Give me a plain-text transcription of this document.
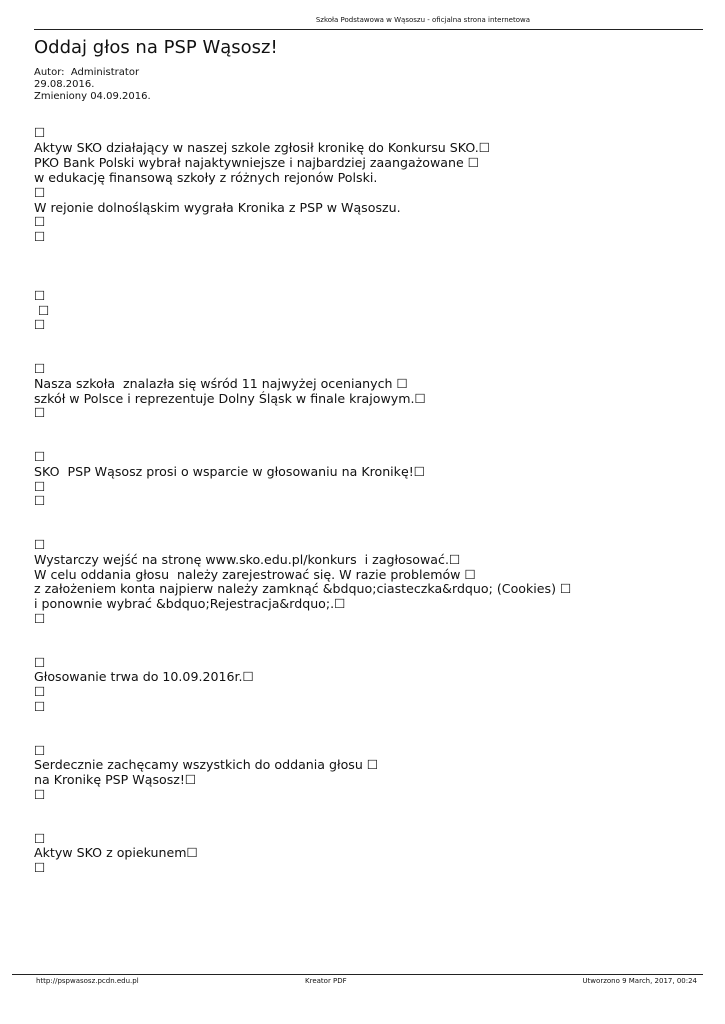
Szkoła Podstawowa w Wąsoszu - oficjalna strona internetowa
Oddaj głos na PSP Wąsosz!
Autor:  Administrator
29.08.2016.
Zmieniony 04.09.2016.
☐
Aktyw SKO działający w naszej szkole zgłosił kronikę do Konkursu SKO.☐
PKO Bank Polski wybrał najaktywniejsze i najbardziej zaangażowane ☐
w edukację finansową szkoły z różnych rejonów Polski.
☐
W rejonie dolnośląskim wygrała Kronika z PSP w Wąsoszu.
☐
☐
☐
☐
☐
☐
Nasza szkoła  znalazła się wśród 11 najwyżej ocenianych ☐
szkół w Polsce i reprezentuje Dolny Śląsk w finale krajowym.☐
☐
☐
SKO  PSP Wąsosz prosi o wsparcie w głosowaniu na Kronikę!☐
☐
☐
☐
Wystarczy wejść na stronę www.sko.edu.pl/konkurs  i zagłosować.☐
W celu oddania głosu  należy zarejestrować się. W razie problemów ☐
z założeniem konta najpierw należy zamknąć &bdquo;ciasteczka&rdquo; (Cookies) ☐
i ponownie wybrać &bdquo;Rejestracja&rdquo;.☐
☐
☐
Głosowanie trwa do 10.09.2016r.☐
☐
☐
☐
Serdecznie zachęcamy wszystkich do oddania głosu ☐
na Kronikę PSP Wąsosz!☐
☐
☐
Aktyw SKO z opiekunem☐
☐
http://pspwasosz.pcdn.edu.pl	Kreator PDF	Utworzono 9 March, 2017, 00:24
